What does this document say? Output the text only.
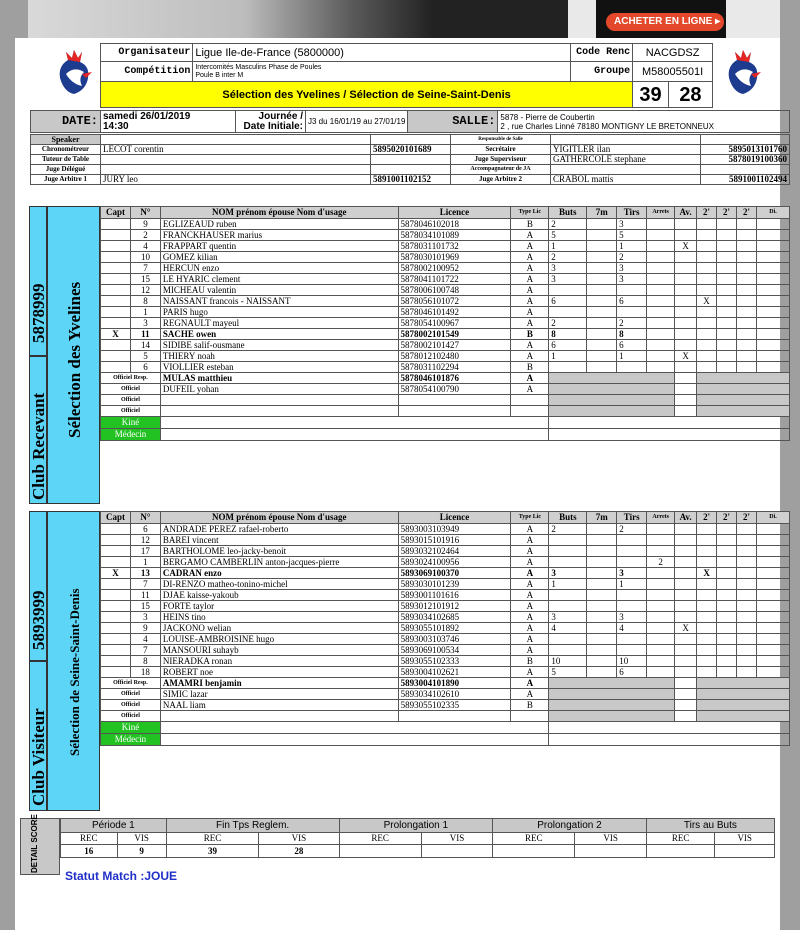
ACHETER EN LIGNE ▸
Organisateur	Ligue Ile-de-France (5800000)	Code Renc	NACGDSZ	
Compétition	Intercomités Masculins Phase de Poules
Poule B inter M	Groupe	M58005501I	
Sélection des Yvelines / Sélection de Seine-Saint-Denis			39	28
DATE:	samedi 26/01/2019
14:30

Journée /
Date Initiale:	J3 du 16/01/19 au 27/01/19	SALLE:	5878 - Pierre de Coubertin
2 , rue Charles Linné 78180 MONTIGNY LE BRETONNEUX
Speaker			Responsable de Salle		
Chronométreur	LECOT corentin	5895020101689	Secrétaire	YIGITLER ilan	5895013101760
Tuteur de Table			Juge Superviseur	GATHERCOLE stephane	5878019100360
Juge Délégué			Accompagnateur de JA		
Juge Arbitre 1	JURY leo	5891001102152	Juge Arbitre 2	CRABOL mattis	5891001102494
5878999
Club Recevant
Sélection des Yvelines
Capt	N°	NOM prénom épouse Nom d'usage	Licence	Type Lic	Buts	7m	Tirs	Arrets	Av.	2'	2'	2'	Di.
	9	EGLIZEAUD ruben	5878046102018	B	2		3						
	2	FRANCKHAUSER marius	5878034101089	A	5		5						
	4	FRAPPART quentin	5878031101732	A	1		1		X				
	10	GOMEZ kilian	5878030101969	A	2		2						
	7	HERCUN enzo	5878002100952	A	3		3						
	15	LE HYARIC clement	5878041101722	A	3		3						
	12	MICHEAU valentin	5878006100748	A									
	8	NAISSANT francois - NAISSANT	5878056101072	A	6		6			X			
	1	PARIS hugo	5878046101492	A									
	3	REGNAULT mayeul	5878054100967	A	2		2						
X	11	SACHE owen	5878002101549	B	8		8						
	14	SIDIBE salif-ousmane	5878002101427	A	6		6						
	5	THIERY noah	5878012102480	A	1		1		X				
	6	VIOLLIER esteban	5878031102294	B									
Officiel Resp.		MULAS matthieu	5878046101876	A									
Officiel		DUFEIL yohan	5878054100790	A									
Officiel													
Officiel													
Kiné													
Médecin													
5893999
Club Visiteur
Sélection de Seine-Saint-Denis
Capt	N°	NOM prénom épouse Nom d'usage	Licence	Type Lic	Buts	7m	Tirs	Arrets	Av.	2'	2'	2'	Di.
	6	ANDRADE PEREZ rafael-roberto	5893003103949	A	2		2						
	12	BAREI vincent	5893015101916	A									
	17	BARTHOLOME leo-jacky-benoit	5893032102464	A									
	1	BERGAMO CAMBERLIN anton-jacques-pierre	5893024100956	A				2					
X	13	CADRAN enzo	5893069100370	A	3		3			X			
	7	DI-RENZO matheo-tonino-michel	5893030101239	A	1		1						
	11	DJAE kaisse-yakoub	5893001101616	A									
	15	FORTE taylor	5893012101912	A									
	3	HEINS tino	5893034102685	A	3		3						
	9	JACKONO welian	5893055101892	A	4		4		X				
	4	LOUISE-AMBROISINE hugo	5893003103746	A									
	7	MANSOURI suhayb	5893069100534	A									
	8	NIERADKA ronan	5893055102333	B	10		10						
	18	ROBERT noe	5893004102621	A	5		6						
Officiel Resp.		AMAMRI benjamin	5893004101890	A									
Officiel		SIMIC lazar	5893034102610	A									
Officiel		NAAL liam	5893055102335	B									
Officiel													
Kiné													
Médecin													
DETAIL SCORE	Période 1		Fin Tps Reglem.		Prolongation 1		Prolongation 2		Tirs au Buts	
REC	VIS	REC	VIS	REC	VIS	REC	VIS	REC	VIS
16	9	39	28						
Statut Match :JOUE
